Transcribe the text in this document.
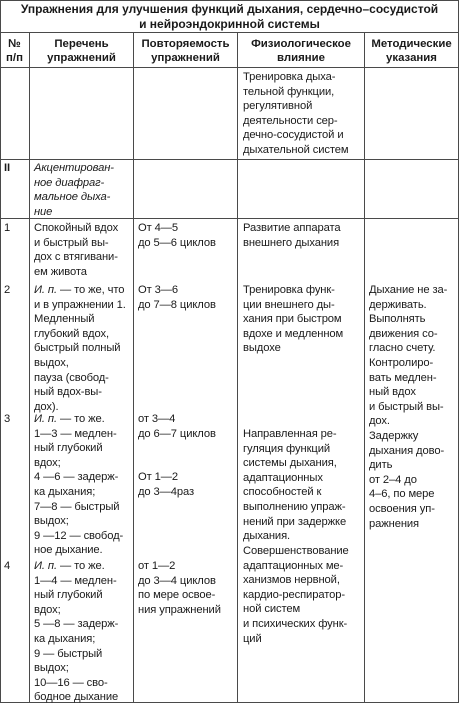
Упражнения для улучшения функций дыхания, сердечно–сосудистой
и нейроэндокринной системы
№
п/п
Перечень
упражнений
Повторяемость
упражнений
Физиологическое
влияние
Методические
указания
Тренировка дыха-
тельной функции,
регулятивной
деятельности сер-
дечно-сосудистой и
дыхательной систем
II Акцентирован-
ное диафраг-
мальное дыха-
ние
1 Спокойный вдох
и быстрый вы-
дох с втягивани-
ем живота
От 4—5
до 5—6 циклов
Развитие аппарата
внешнего дыхания
2 И. п. — то же, что
и в упражнении 1.
Медленный
глубокий вдох,
быстрый полный
выдох,
пауза (свобод-
ный вдох-вы-
дох).
От 3—6
до 7—8 циклов
Тренировка функ-
ции внешнего ды-
хания при быстром
вдохе и медленном
выдохе
Дыхание не за-
держивать.
Выполнять
движения со-
гласно счету.
Контролиро-
вать медлен-
ный вдох
и быстрый вы-
дох.
Задержку
дыхания дово-
дить
от 2–4 до
4–6, по мере
освоения уп-
ражнения
3 И. п. — то же.
1—3 — медлен-
ный глубокий
вдох;
4 —6 — задерж-
ка дыхания;
7—8 — быстрый
выдох;
9 —12 — свобод-
ное дыхание.
от 3—4
до 6—7 циклов
От 1—2
до 3—4раз
Направленная ре-
гуляция функций
системы дыхания,
адаптационных
способностей к
выполнению упраж-
нений при задержке
дыхания.
4 И. п. — то же.
1—4 — медлен-
ный глубокий
вдох;
5 —8 — задерж-
ка дыхания;
9 — быстрый
выдох;
10—16 — сво-
бодное дыхание
от 1—2
до 3—4 циклов
по мере освое-
ния упражнений
Совершенствование
адаптационных ме-
ханизмов нервной,
кардио-респиратор-
ной систем
и психических функ-
ций
